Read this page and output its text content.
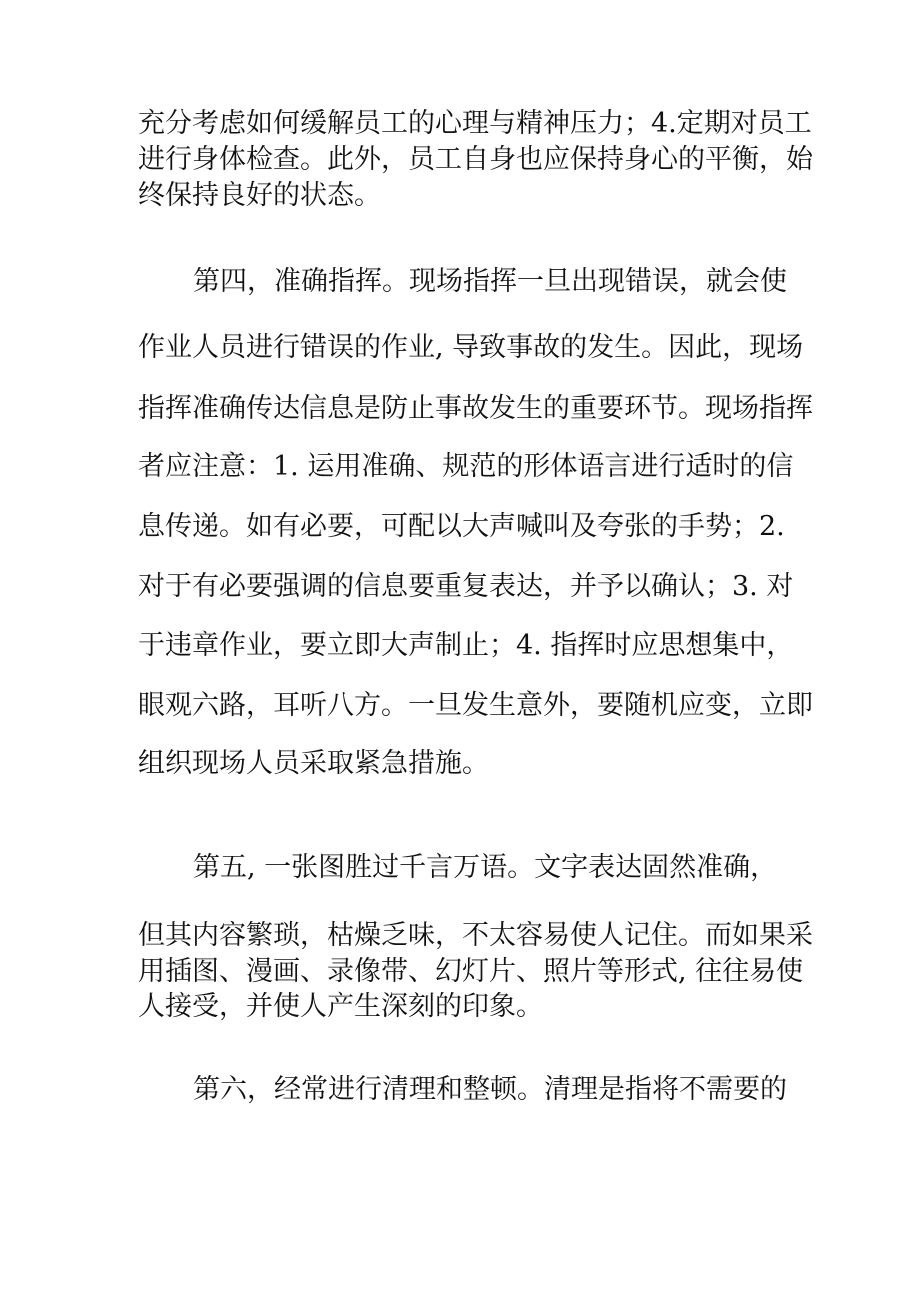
充分考虑如何缓解员工的心理与精神压力；4.定期对员工

进行身体检查。此外，员工自身也应保持身心的平衡，始

终保持良好的状态。

第四，准确指挥。现场指挥一旦出现错误，就会使

作业人员进行错误的作业, 导致事故的发生。因此，现场

指挥准确传达信息是防止事故发生的重要环节。现场指挥

者应注意：1. 运用准确、规范的形体语言进行适时的信

息传递。如有必要，可配以大声喊叫及夸张的手势；2.

对于有必要强调的信息要重复表达，并予以确认；3. 对

于违章作业，要立即大声制止；4. 指挥时应思想集中，

眼观六路，耳听八方。一旦发生意外，要随机应变，立即

组织现场人员采取紧急措施。

第五, 一张图胜过千言万语。文字表达固然准确，

但其内容繁琐，枯燥乏味，不太容易使人记住。而如果采

用插图、漫画、录像带、幻灯片、照片等形式, 往往易使

人接受，并使人产生深刻的印象。

第六，经常进行清理和整顿。清理是指将不需要的
